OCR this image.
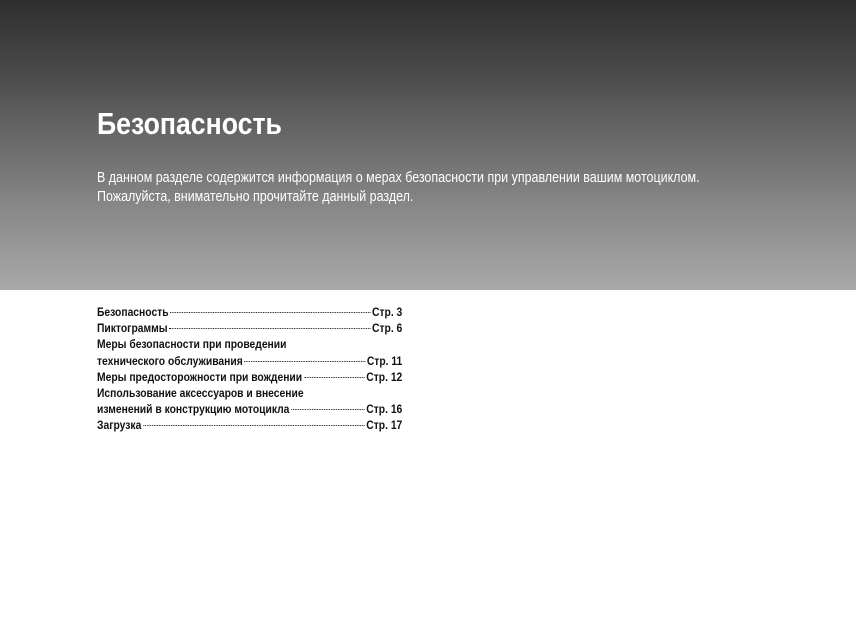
Безопасность

В данном разделе содержится информация о мерах безопасности при управлении вашим мотоциклом.
Пожалуйста, внимательно прочитайте данный раздел.

Безопасность	Стр. 3
Пиктограммы	Стр. 6
Меры безопасности при проведении
технического обслуживания	Стр. 11
Меры предосторожности при вождении	Стр. 12
Использование аксессуаров и внесение
изменений в конструкцию мотоцикла	Стр. 16
Загрузка	Стр. 17
